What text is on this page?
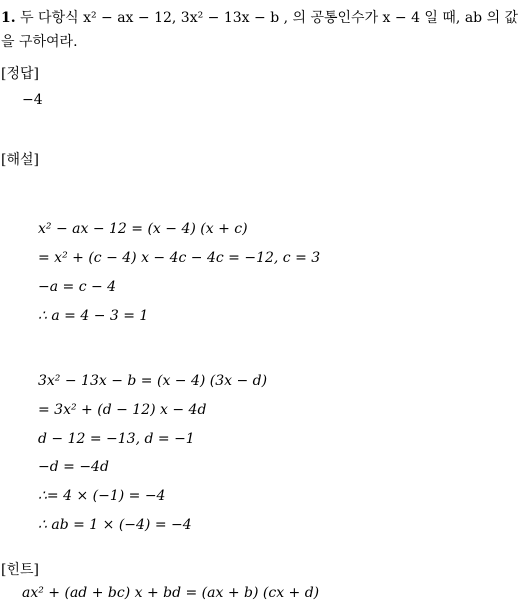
1. 두 다항식 x² − ax − 12, 3x² − 13x − b , 의 공통인수가 x − 4 일 때, ab 의 값을 구하여라.
[정답]
−4
[해설]
x² − ax − 12 = (x − 4) (x + c)
= x² + (c − 4) x − 4c − 4c = −12, c = 3
−a = c − 4
∴ a = 4 − 3 = 1
3x² − 13x − b = (x − 4) (3x − d)
= 3x² + (d − 12) x − 4d
d − 12 = −13, d = −1
−d = −4d
∴= 4 × (−1) = −4
∴ ab = 1 × (−4) = −4
[힌트]
ax² + (ad + bc) x + bd = (ax + b) (cx + d)
